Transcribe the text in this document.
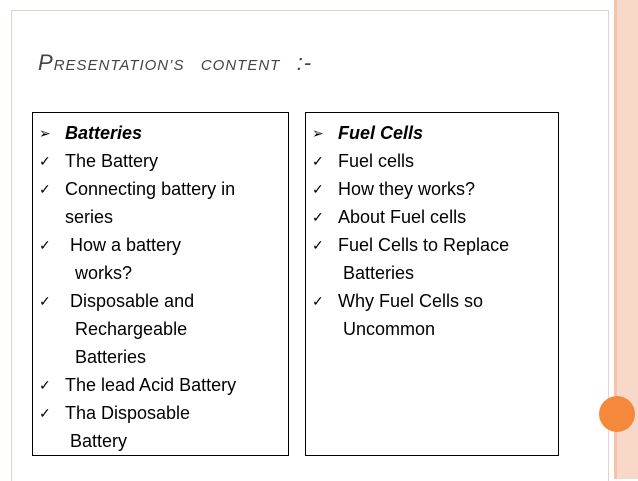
PRESENTATION’S CONTENT :-
➢ Batteries
✓ The Battery
✓ Connecting battery in
series
✓ How a battery
works?
✓ Disposable and
Rechargeable
Batteries
✓ The lead Acid Battery
✓ Tha Disposable
Battery
➢ Fuel Cells
✓ Fuel cells
✓ How they works?
✓ About Fuel cells
✓ Fuel Cells to Replace
Batteries
✓ Why Fuel Cells so
Uncommon
